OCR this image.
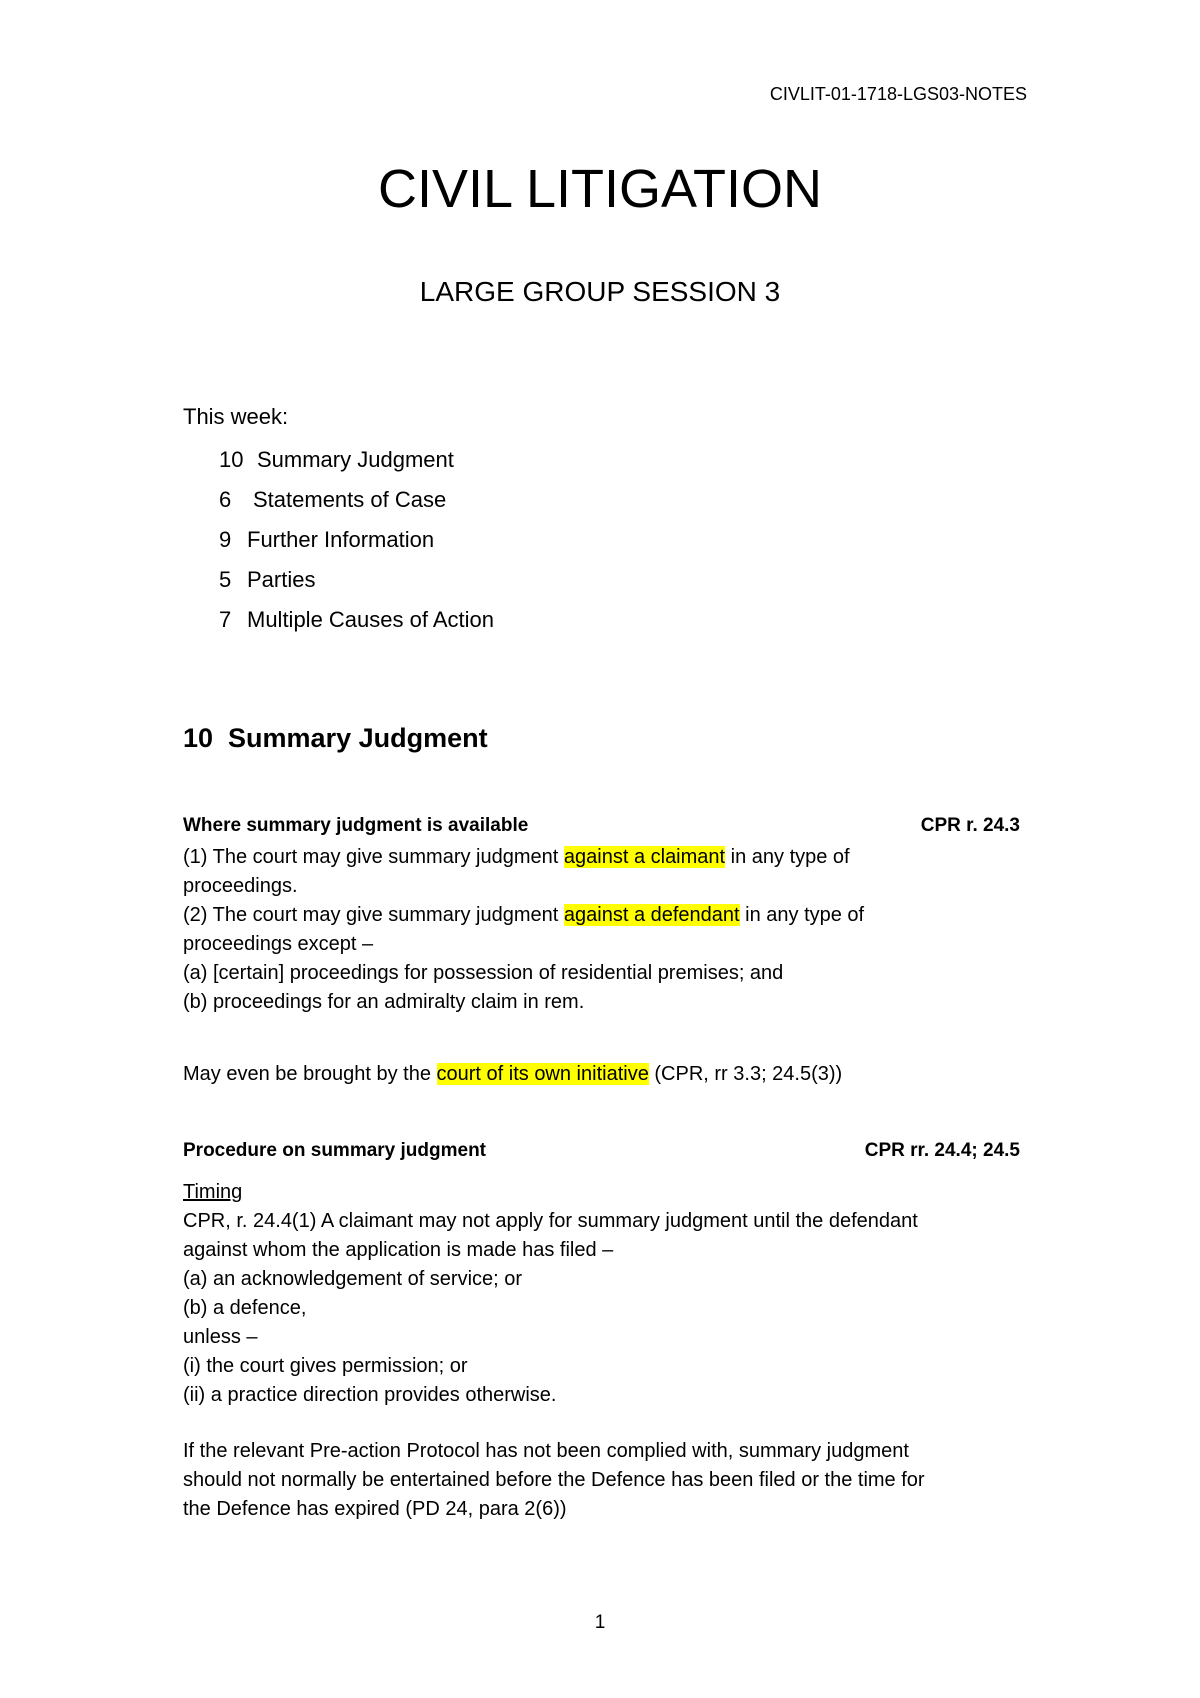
CIVLIT-01-1718-LGS03-NOTES
CIVIL LITIGATION
LARGE GROUP SESSION 3
This week:
10 Summary Judgment
6 Statements of Case
9 Further Information
5 Parties
7 Multiple Causes of Action
10  Summary Judgment
Where summary judgment is available	CPR r. 24.3
(1) The court may give summary judgment against a claimant in any type of
proceedings.
(2) The court may give summary judgment against a defendant in any type of
proceedings except –
(a) [certain] proceedings for possession of residential premises; and
(b) proceedings for an admiralty claim in rem.
May even be brought by the court of its own initiative (CPR, rr 3.3; 24.5(3))
Procedure on summary judgment	CPR rr. 24.4; 24.5
Timing
CPR, r. 24.4(1) A claimant may not apply for summary judgment until the defendant
against whom the application is made has filed –
(a) an acknowledgement of service; or
(b) a defence,
unless –
(i) the court gives permission; or
(ii) a practice direction provides otherwise.
If the relevant Pre-action Protocol has not been complied with, summary judgment
should not normally be entertained before the Defence has been filed or the time for
the Defence has expired (PD 24, para 2(6))
1
